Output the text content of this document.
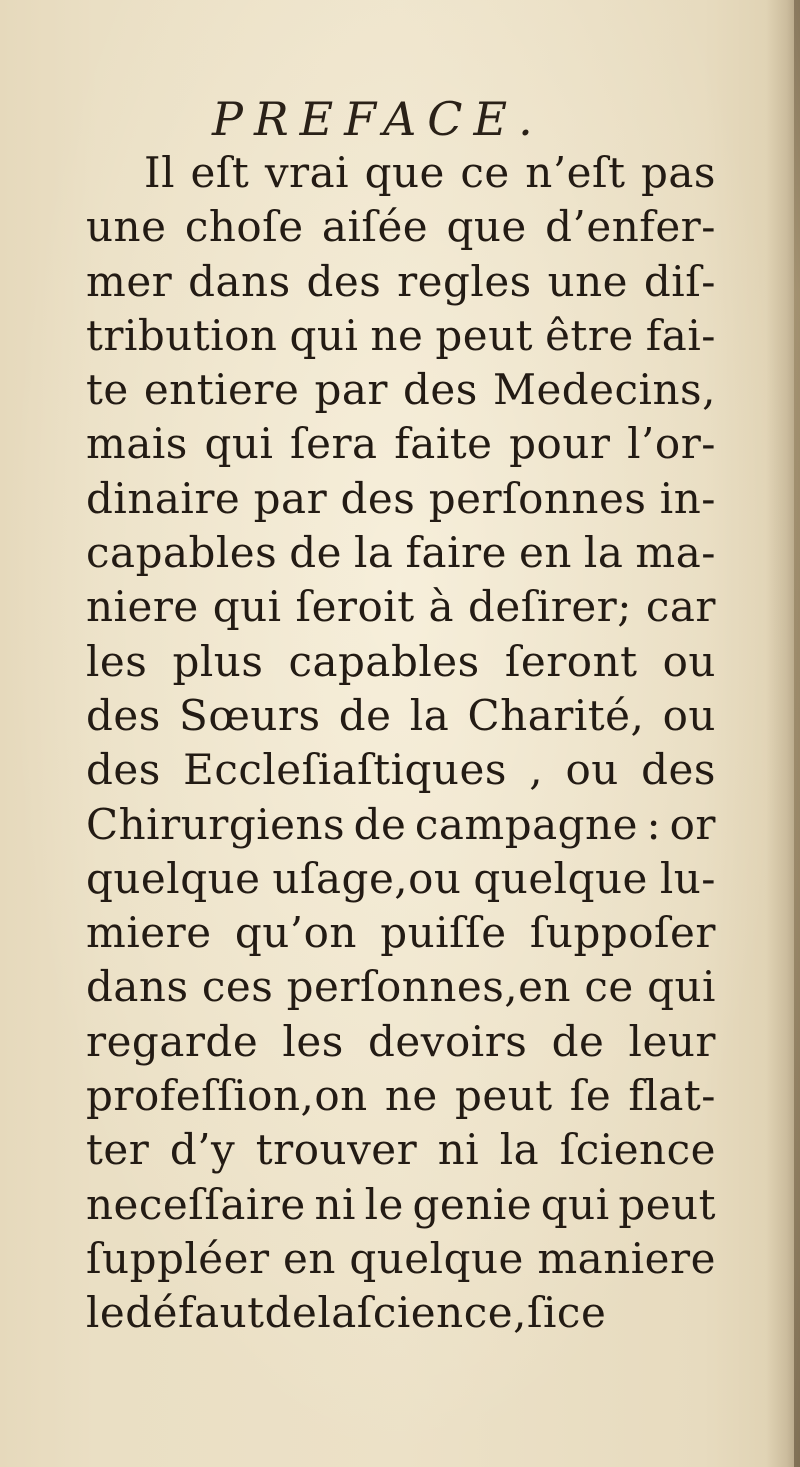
PREFACE.
Il eſt vrai que ce n’eſt pas
une choſe aiſée que d’enfer-
mer dans des regles une diſ-
tribution qui ne peut être fai-
te entiere par des Medecins,
mais qui ſera faite pour l’or-
dinaire par des perſonnes in-
capables de la faire en la ma-
niere qui ſeroit à deſirer; car
les plus capables ſeront ou
des Sœurs de la Charité, ou
des Eccleſiaſtiques , ou des
Chirurgiens de campagne : or
quelque uſage,ou quelque lu-
miere qu’on puiſſe ſuppoſer
dans ces perſonnes,en ce qui
regarde les devoirs de leur
profeſſion,on ne peut ſe flat-
ter d’y trouver ni la ſcience
neceſſaire ni le genie qui peut
ſuppléer en quelque maniere
le défaut de la ſcience, ſi ce
